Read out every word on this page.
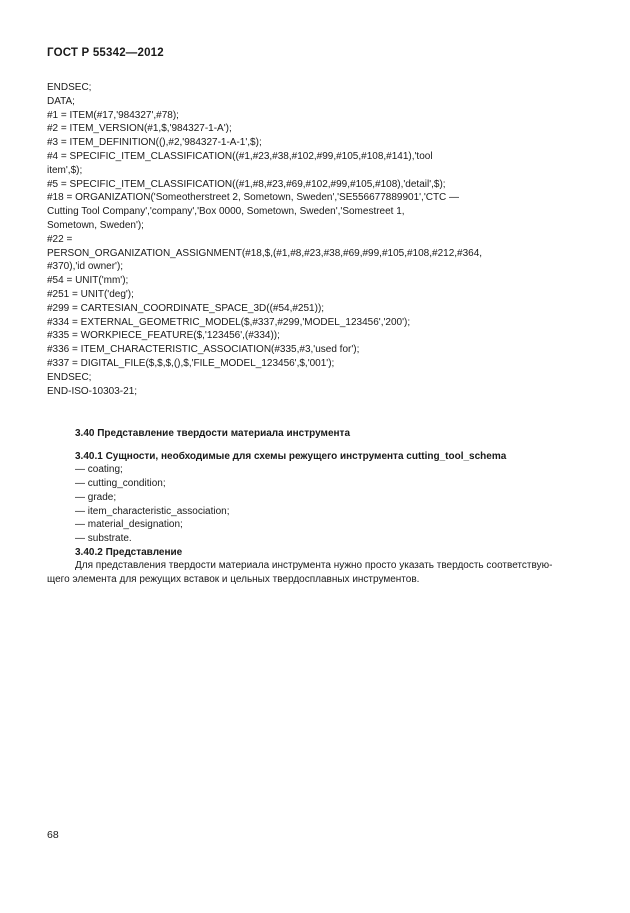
ГОСТ Р 55342—2012
ENDSEC;
DATA;
#1 = ITEM(#17,'984327',#78);
#2 = ITEM_VERSION(#1,$,'984327-1-A');
#3 = ITEM_DEFINITION((),#2,'984327-1-A-1',$);
#4 = SPECIFIC_ITEM_CLASSIFICATION((#1,#23,#38,#102,#99,#105,#108,#141),'tool
item',$);
#5 = SPECIFIC_ITEM_CLASSIFICATION((#1,#8,#23,#69,#102,#99,#105,#108),'detail',$);
#18 = ORGANIZATION('Someotherstreet 2, Sometown, Sweden','SE556677889901','CTC —
Cutting Tool Company','company','Box 0000, Sometown, Sweden','Somestreet 1,
Sometown, Sweden');
#22 =
PERSON_ORGANIZATION_ASSIGNMENT(#18,$,(#1,#8,#23,#38,#69,#99,#105,#108,#212,#364,
#370),'id owner');
#54 = UNIT('mm');
#251 = UNIT('deg');
#299 = CARTESIAN_COORDINATE_SPACE_3D((#54,#251));
#334 = EXTERNAL_GEOMETRIC_MODEL($,#337,#299,'MODEL_123456','200');
#335 = WORKPIECE_FEATURE($,'123456',(#334));
#336 = ITEM_CHARACTERISTIC_ASSOCIATION(#335,#3,'used for');
#337 = DIGITAL_FILE($,$,$,(),$,'FILE_MODEL_123456',$,'001');
ENDSEC;
END-ISO-10303-21;
3.40 Представление твердости материала инструмента
3.40.1 Сущности, необходимые для схемы режущего инструмента cutting_tool_schema
— coating;
— cutting_condition;
— grade;
— item_characteristic_association;
— material_designation;
— substrate.
3.40.2 Представление
Для представления твердости материала инструмента нужно просто указать твердость соответствую-
щего элемента для режущих вставок и цельных твердосплавных инструментов.
68
